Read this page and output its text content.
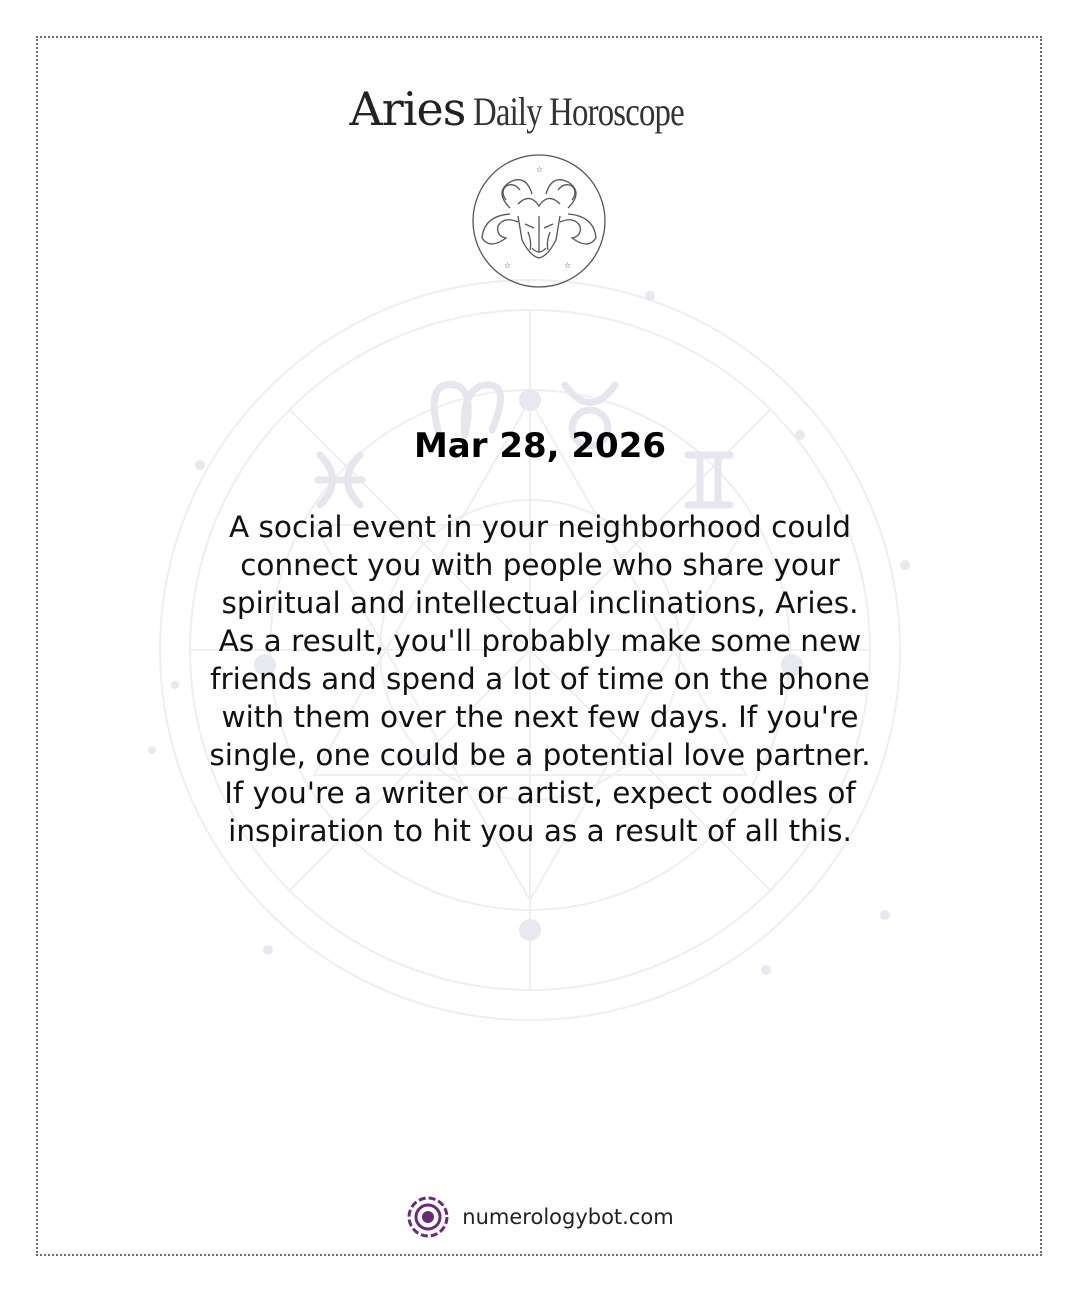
Aries Daily Horoscope
☆
☆	☆
Mar 28, 2026
A social event in your neighborhood could connect you with people who share your spiritual and intellectual inclinations, Aries. As a result, you'll probably make some new friends and spend a lot of time on the phone with them over the next few days. If you're single, one could be a potential love partner. If you're a writer or artist, expect oodles of inspiration to hit you as a result of all this.
numerologybot.com
